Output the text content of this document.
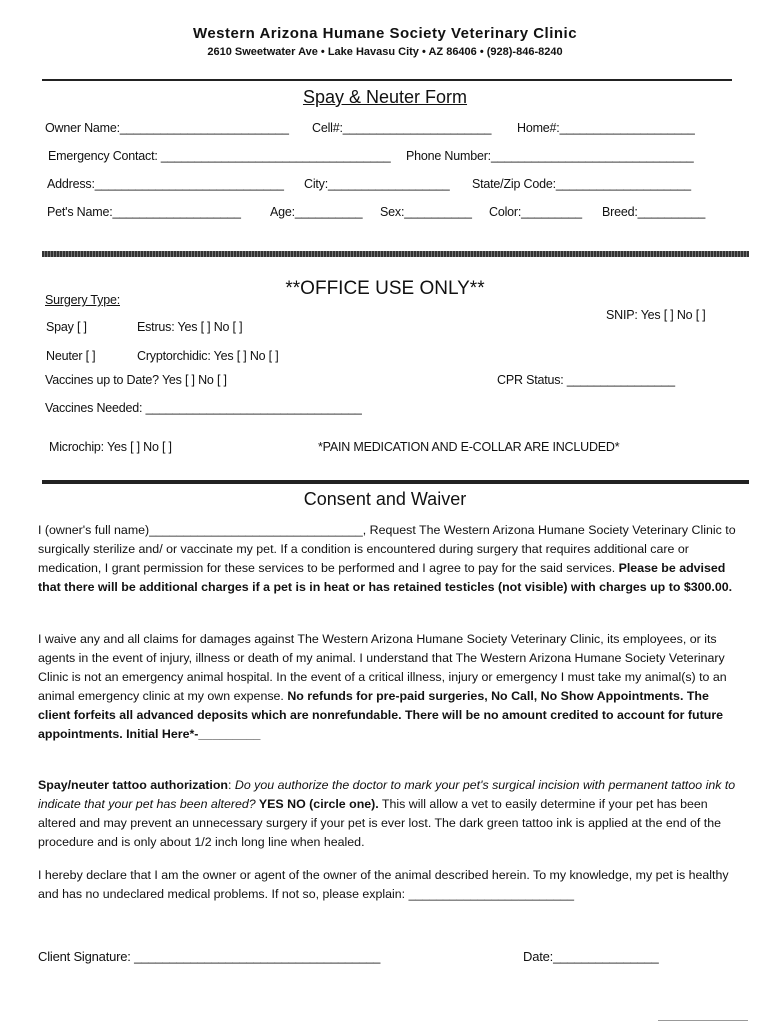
Western Arizona Humane Society Veterinary Clinic
2610 Sweetwater Ave • Lake Havasu City • AZ 86406 • (928)-846-8240
Spay & Neuter Form
Owner Name:_________________________ Cell#:______________________ Home#:____________________
Emergency Contact: __________________________________ Phone Number:______________________________
Address:____________________________ City:__________________ State/Zip Code:____________________
Pet's Name:___________________ Age:__________ Sex:__________ Color:_________ Breed:__________
**OFFICE USE ONLY**
Surgery Type:
SNIP: Yes [ ] No [ ]
Spay [ ]	Estrus: Yes [ ] No [ ]
Neuter [ ]	Cryptorchidic: Yes [ ] No [ ]
Vaccines up to Date? Yes [ ] No [ ]	CPR Status: ________________
Vaccines Needed: ________________________________
Microchip: Yes [ ] No [ ]	*PAIN MEDICATION AND E-COLLAR ARE INCLUDED*
Consent and Waiver
I (owner's full name)_______________________________, Request The Western Arizona Humane Society Veterinary Clinic to surgically sterilize and/ or vaccinate my pet. If a condition is encountered during surgery that requires additional care or medication, I grant permission for these services to be performed and I agree to pay for the said services. Please be advised that there will be additional charges if a pet is in heat or has retained testicles (not visible) with charges up to $300.00.
I waive any and all claims for damages against The Western Arizona Humane Society Veterinary Clinic, its employees, or its agents in the event of injury, illness or death of my animal. I understand that The Western Arizona Humane Society Veterinary Clinic is not an emergency animal hospital. In the event of a critical illness, injury or emergency I must take my animal(s) to an animal emergency clinic at my own expense. No refunds for pre-paid surgeries, No Call, No Show Appointments. The client forfeits all advanced deposits which are nonrefundable. There will be no amount credited to account for future appointments. Initial Here*-_________
Spay/neuter tattoo authorization: Do you authorize the doctor to mark your pet's surgical incision with permanent tattoo ink to indicate that your pet has been altered? YES NO (circle one). This will allow a vet to easily determine if your pet has been altered and may prevent an unnecessary surgery if your pet is ever lost. The dark green tattoo ink is applied at the end of the procedure and is only about 1/2 inch long line when healed.
I hereby declare that I am the owner or agent of the owner of the animal described herein. To my knowledge, my pet is healthy and has no undeclared medical problems. If not so, please explain: ________________________
Client Signature: ___________________________________	Date:_______________
